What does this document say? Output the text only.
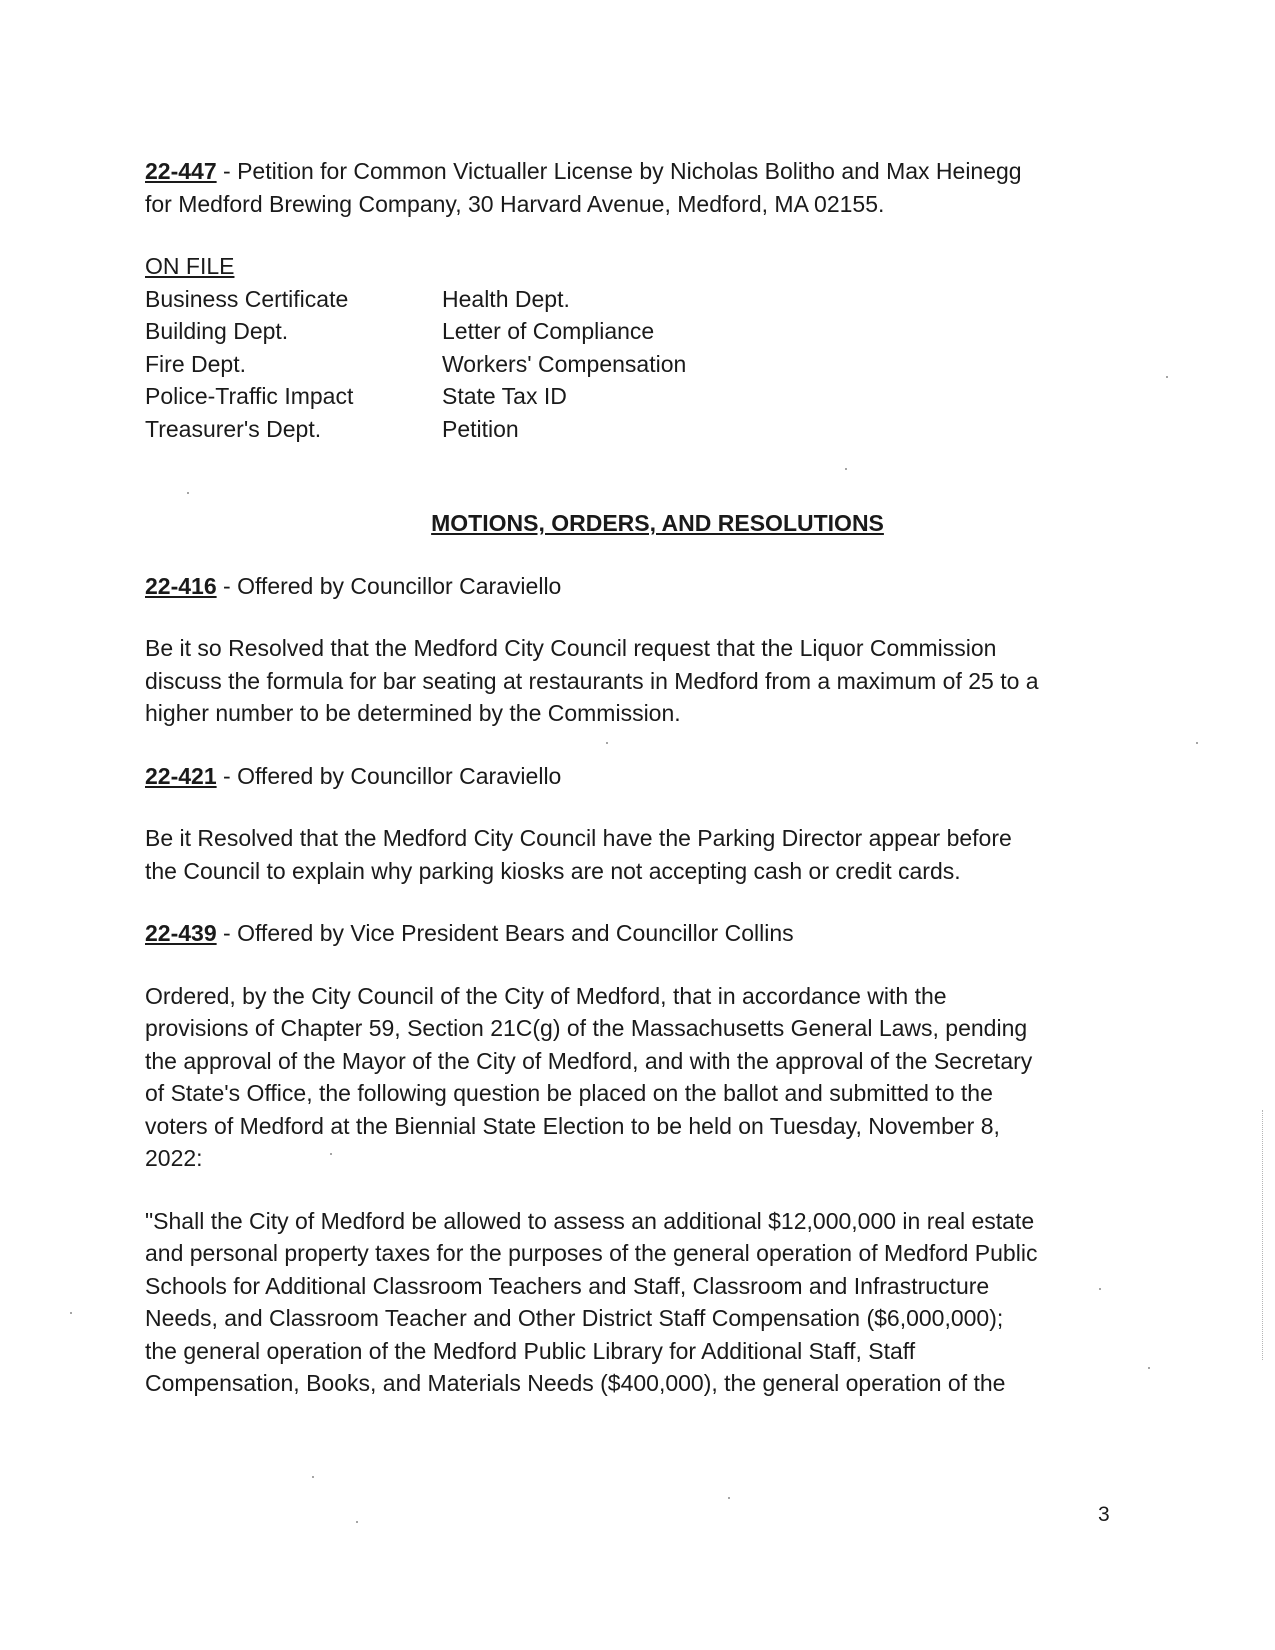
22-447 - Petition for Common Victualler License by Nicholas Bolitho and Max Heinegg

for Medford Brewing Company, 30 Harvard Avenue, Medford, MA 02155.

ON FILE

Business Certificate	Health Dept.
Building Dept.	Letter of Compliance
Fire Dept.	Workers' Compensation
Police-Traffic Impact	State Tax ID
Treasurer's Dept.	Petition

MOTIONS, ORDERS, AND RESOLUTIONS

22-416 - Offered by Councillor Caraviello

Be it so Resolved that the Medford City Council request that the Liquor Commission

discuss the formula for bar seating at restaurants in Medford from a maximum of 25 to a

higher number to be determined by the Commission.

22-421 - Offered by Councillor Caraviello

Be it Resolved that the Medford City Council have the Parking Director appear before

the Council to explain why parking kiosks are not accepting cash or credit cards.

22-439 - Offered by Vice President Bears and Councillor Collins

Ordered, by the City Council of the City of Medford, that in accordance with the

provisions of Chapter 59, Section 21C(g) of the Massachusetts General Laws, pending

the approval of the Mayor of the City of Medford, and with the approval of the Secretary

of State's Office, the following question be placed on the ballot and submitted to the

voters of Medford at the Biennial State Election to be held on Tuesday, November 8,

2022:

"Shall the City of Medford be allowed to assess an additional $12,000,000 in real estate

and personal property taxes for the purposes of the general operation of Medford Public

Schools for Additional Classroom Teachers and Staff, Classroom and Infrastructure

Needs, and Classroom Teacher and Other District Staff Compensation ($6,000,000);

the general operation of the Medford Public Library for Additional Staff, Staff

Compensation, Books, and Materials Needs ($400,000), the general operation of the

3
